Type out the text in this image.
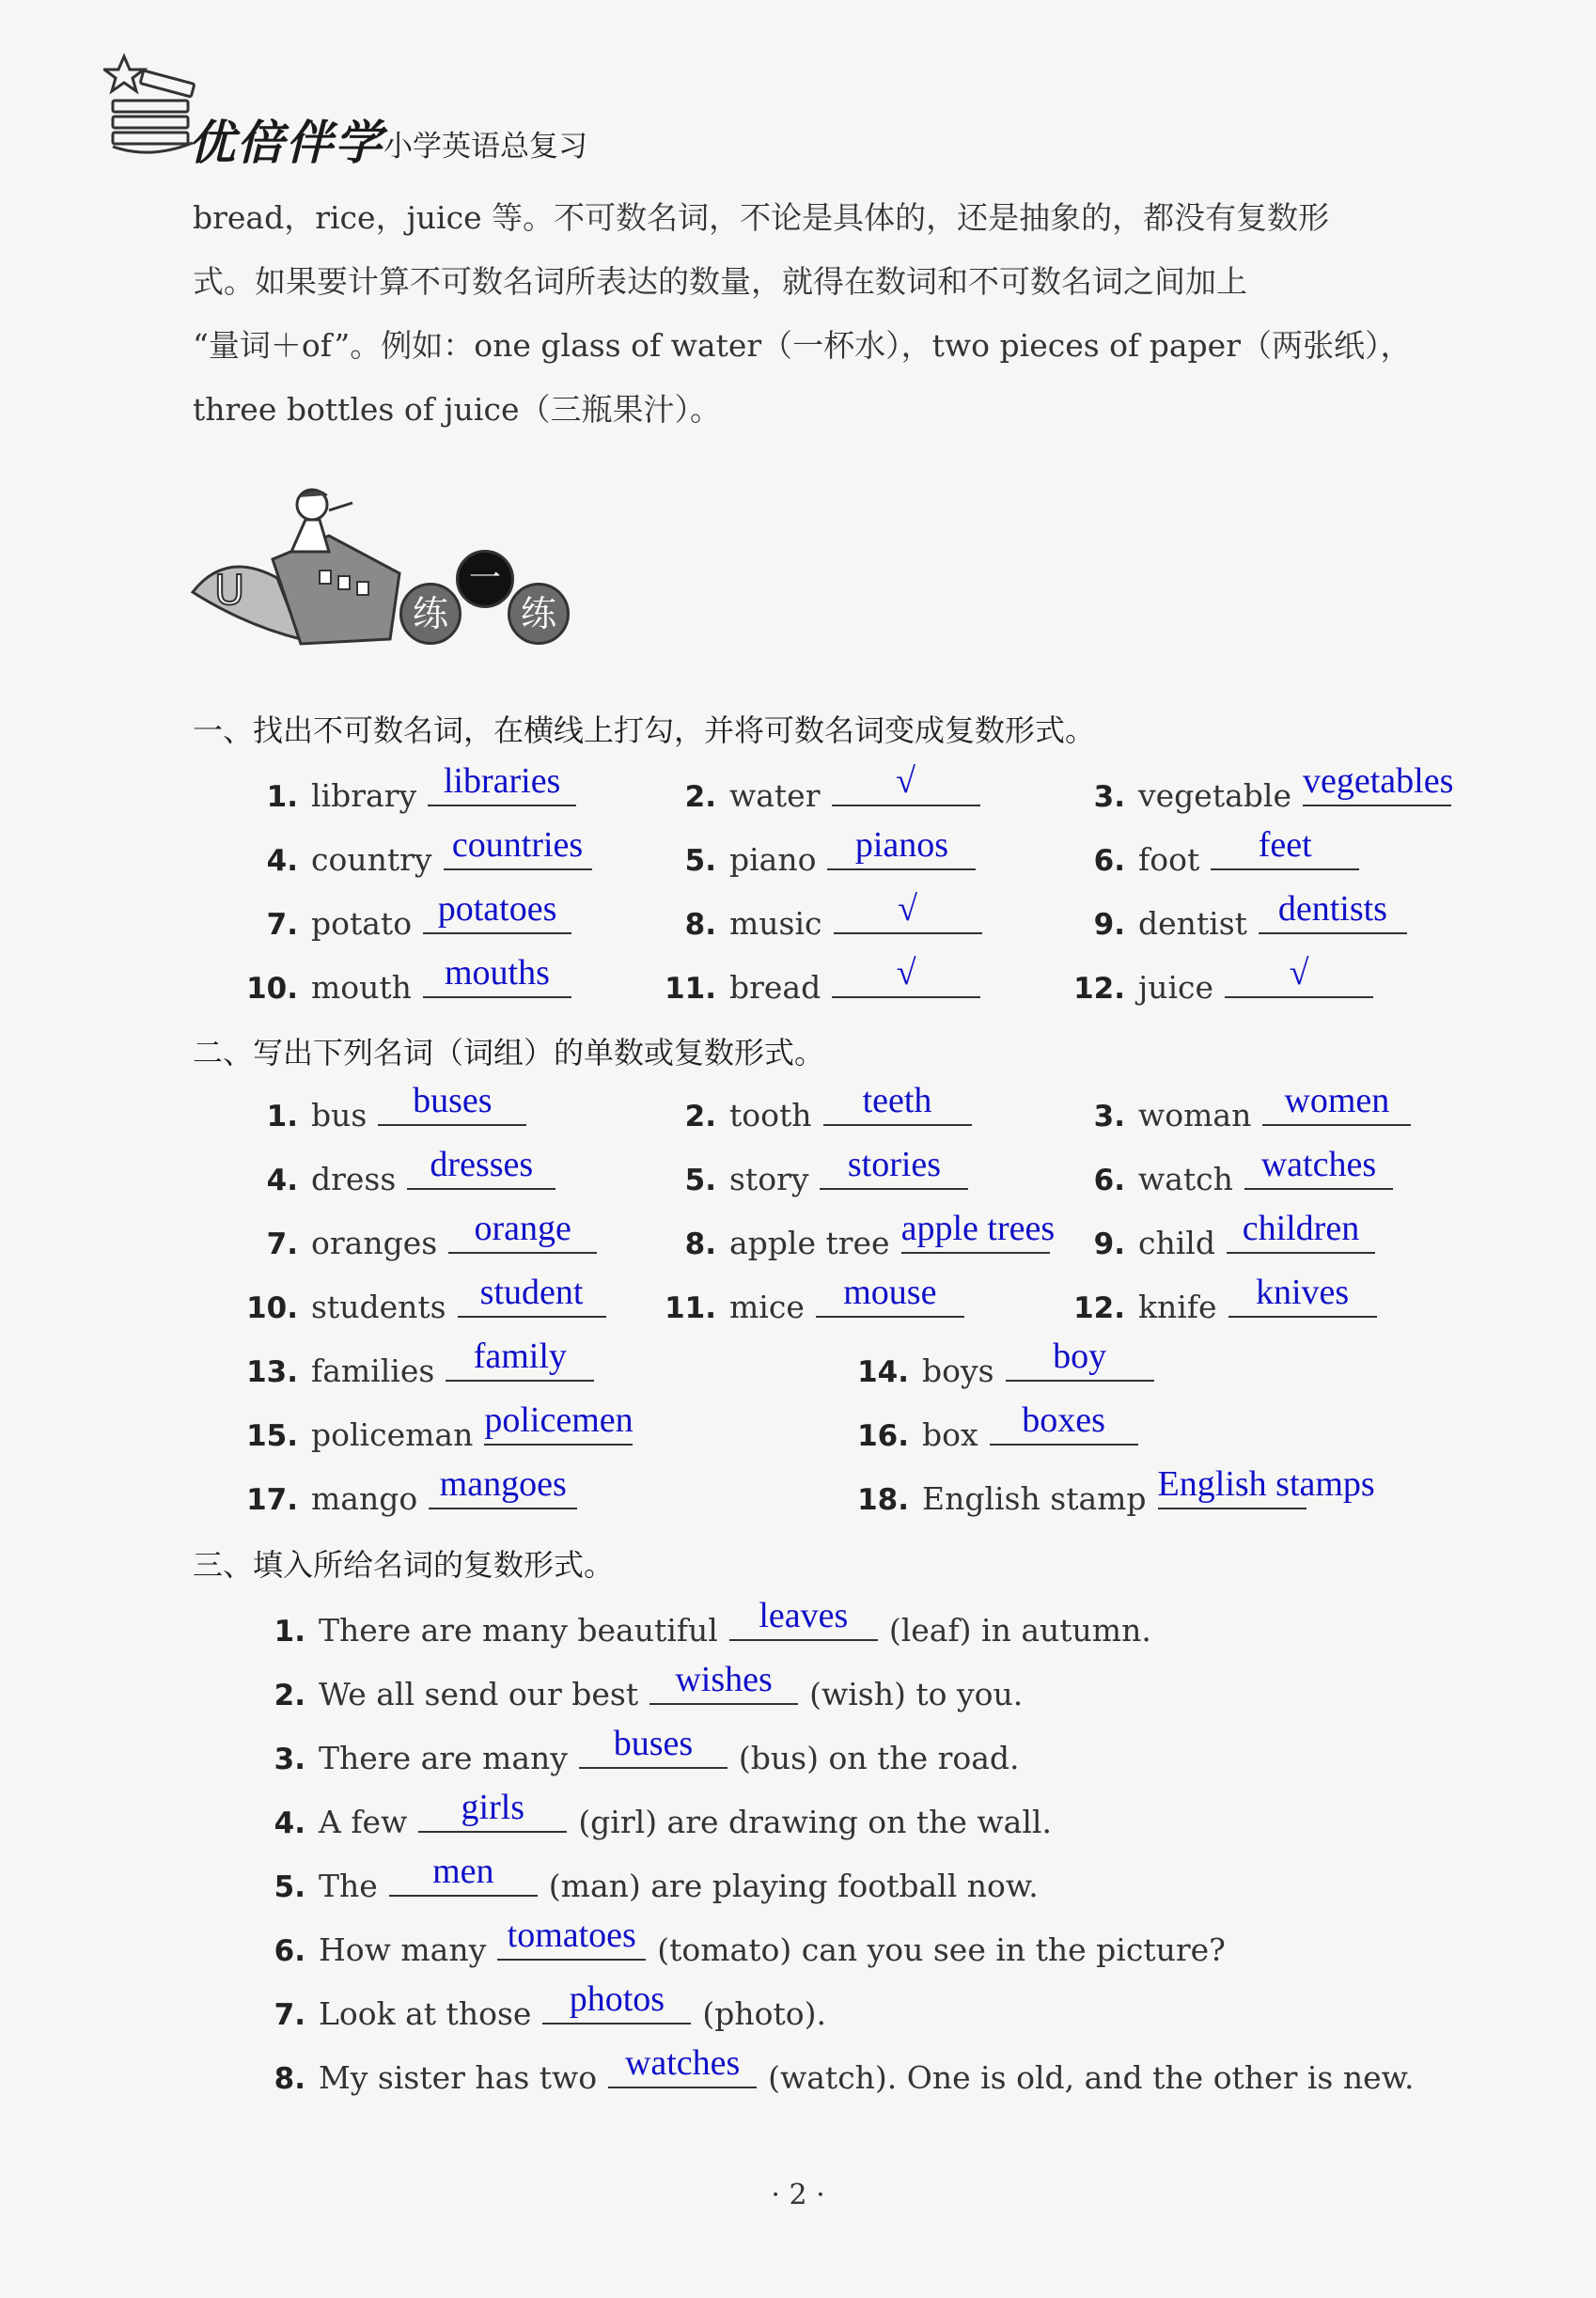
优倍伴学 小学英语总复习

bread，rice，juice 等。不可数名词，不论是具体的，还是抽象的，都没有复数形

式。如果要计算不可数名词所表达的数量，就得在数词和不可数名词之间加上

“量词＋of”。例如：one glass of water（一杯水），two pieces of paper（两张纸），

three bottles of juice（三瓶果汁）。

U	练
一
练
一、找出不可数名词，在横线上打勾，并将可数名词变成复数形式。
1. library libraries	2. water	√	3. vegetable vegetables
4. country countries	5. piano	pianos	6. foot	feet
7. potato potatoes	8. music	√	9. dentist dentists
10. mouth mouths	11. bread	√	12. juice	√
二、写出下列名词（词组）的单数或复数形式。
1. bus	buses	2. tooth	teeth	3. woman women
4. dress dresses	5. story	stories	6. watch watches
7. oranges	orange	8. apple tree apple trees	9. child children
10. students student	11. mice	mouse	12. knife	knives
13. families	family	14. boys	boy
15. policeman policemen	16. box	boxes
17. mango mangoes	18. English stamp English stamps
三、填入所给名词的复数形式。
1. There are many beautiful	leaves	(leaf) in autumn.
2. We all send our best	wishes	(wish) to you.
3. There are many	buses	(bus) on the road.
4. A few	girls	(girl) are drawing on the wall.
5. The	men	(man) are playing football now.
6. How many tomatoes (tomato) can you see in the picture?
7. Look at those	photos	(photo).
8. My sister has two watches (watch). One is old, and the other is new.
· 2 ·
